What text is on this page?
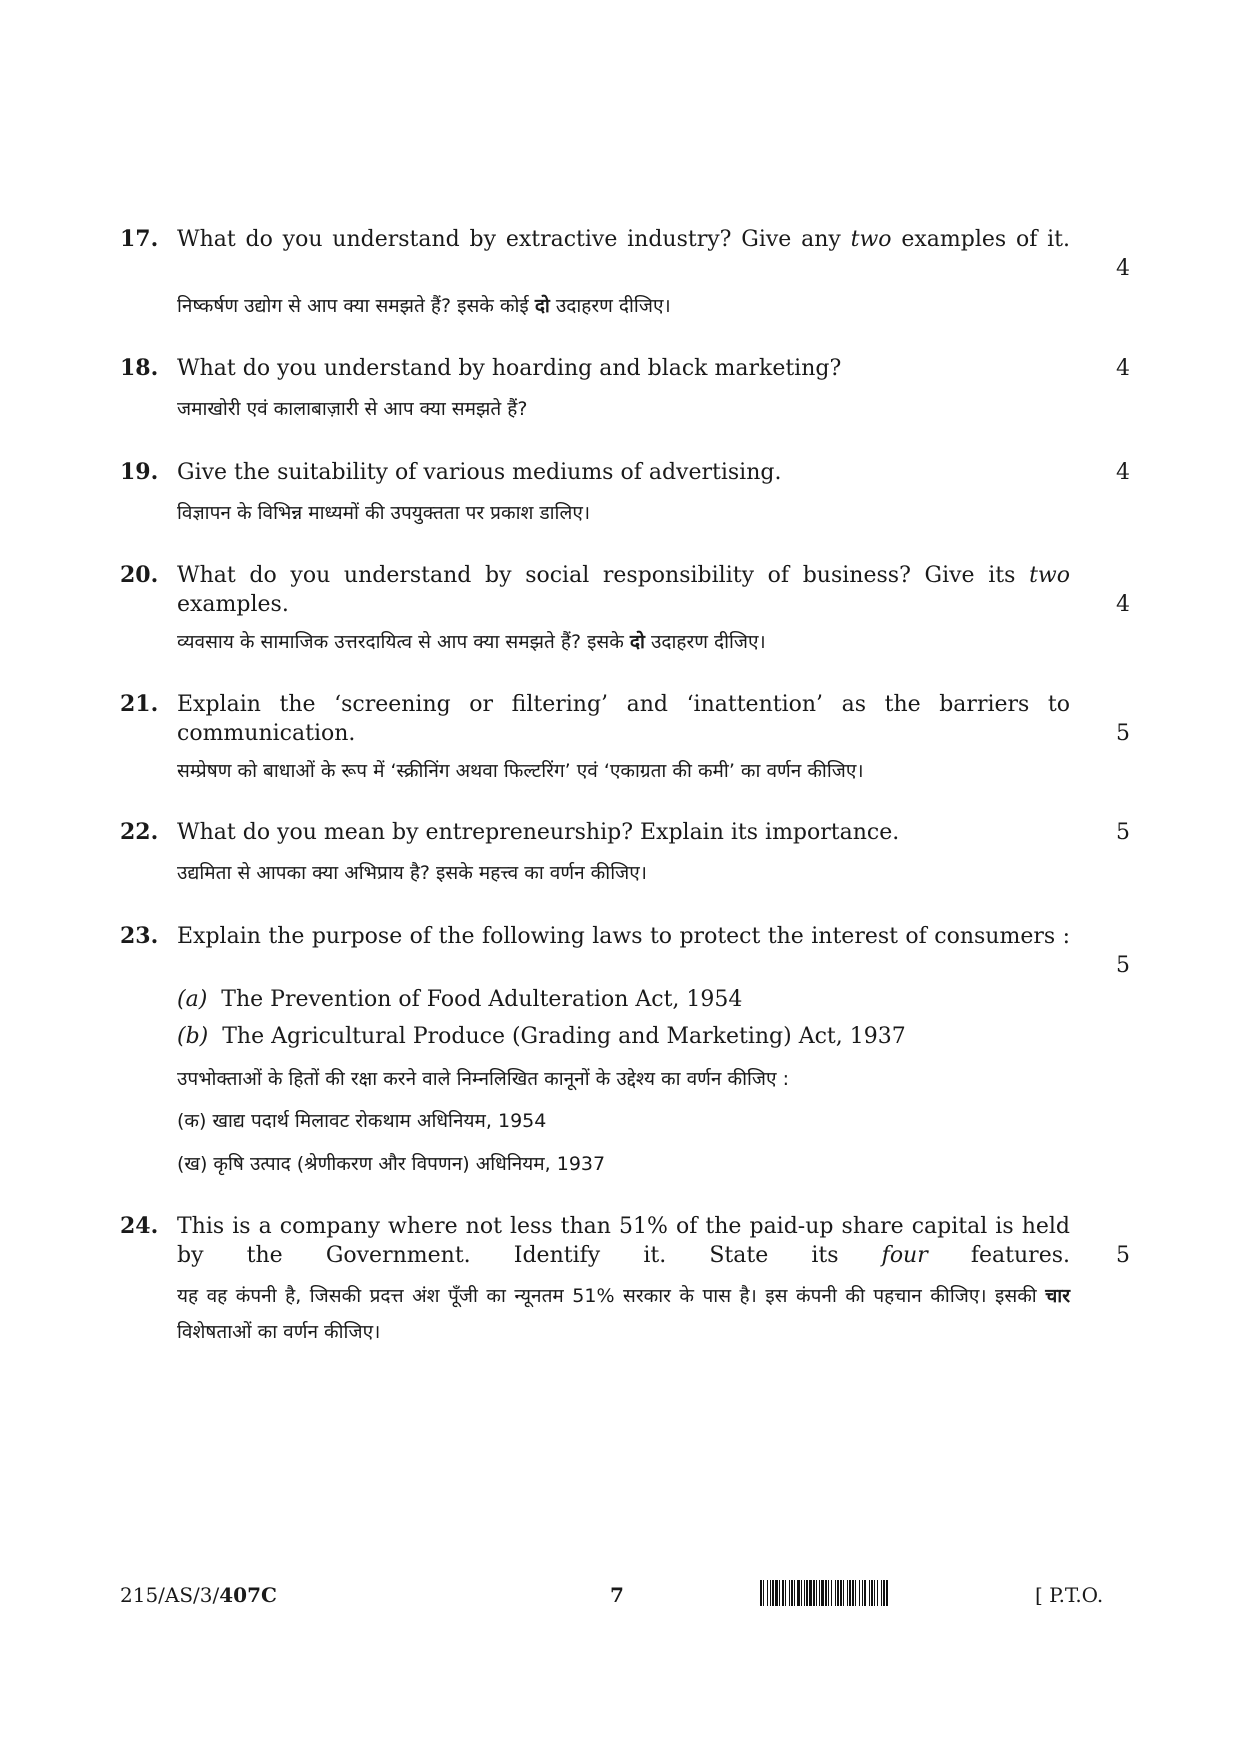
17. What do you understand by extractive industry? Give any two examples of it.
4
निष्कर्षण उद्योग से आप क्या समझते हैं? इसके कोई दो उदाहरण दीजिए।
18. What do you understand by hoarding and black marketing?	4
जमाखोरी एवं कालाबाज़ारी से आप क्या समझते हैं?
19. Give the suitability of various mediums of advertising.	4
विज्ञापन के विभिन्न माध्यमों की उपयुक्तता पर प्रकाश डालिए।
20. What do you understand by social responsibility of business? Give its two examples.	4
व्यवसाय के सामाजिक उत्तरदायित्व से आप क्या समझते हैं? इसके दो उदाहरण दीजिए।
21. Explain the ‘screening or filtering’ and ‘inattention’ as the barriers to communication.	5
सम्प्रेषण को बाधाओं के रूप में ‘स्क्रीनिंग अथवा फिल्टरिंग’ एवं ‘एकाग्रता की कमी’ का वर्णन कीजिए।
22. What do you mean by entrepreneurship? Explain its importance.	5
उद्यमिता से आपका क्या अभिप्राय है? इसके महत्त्व का वर्णन कीजिए।
23. Explain the purpose of the following laws to protect the interest of consumers :
5
(a) The Prevention of Food Adulteration Act, 1954
(b) The Agricultural Produce (Grading and Marketing) Act, 1937
उपभोक्ताओं के हितों की रक्षा करने वाले निम्नलिखित कानूनों के उद्देश्य का वर्णन कीजिए :
(क) खाद्य पदार्थ मिलावट रोकथाम अधिनियम, 1954
(ख) कृषि उत्पाद (श्रेणीकरण और विपणन) अधिनियम, 1937
24. This is a company where not less than 51% of the paid-up share capital is held by the Government. Identify it. State its four features. 5
यह वह कंपनी है, जिसकी प्रदत्त अंश पूँजी का न्यूनतम 51% सरकार के पास है। इस कंपनी की पहचान कीजिए। इसकी चार विशेषताओं का वर्णन कीजिए।
215/AS/3/407C	7	[ P.T.O.
